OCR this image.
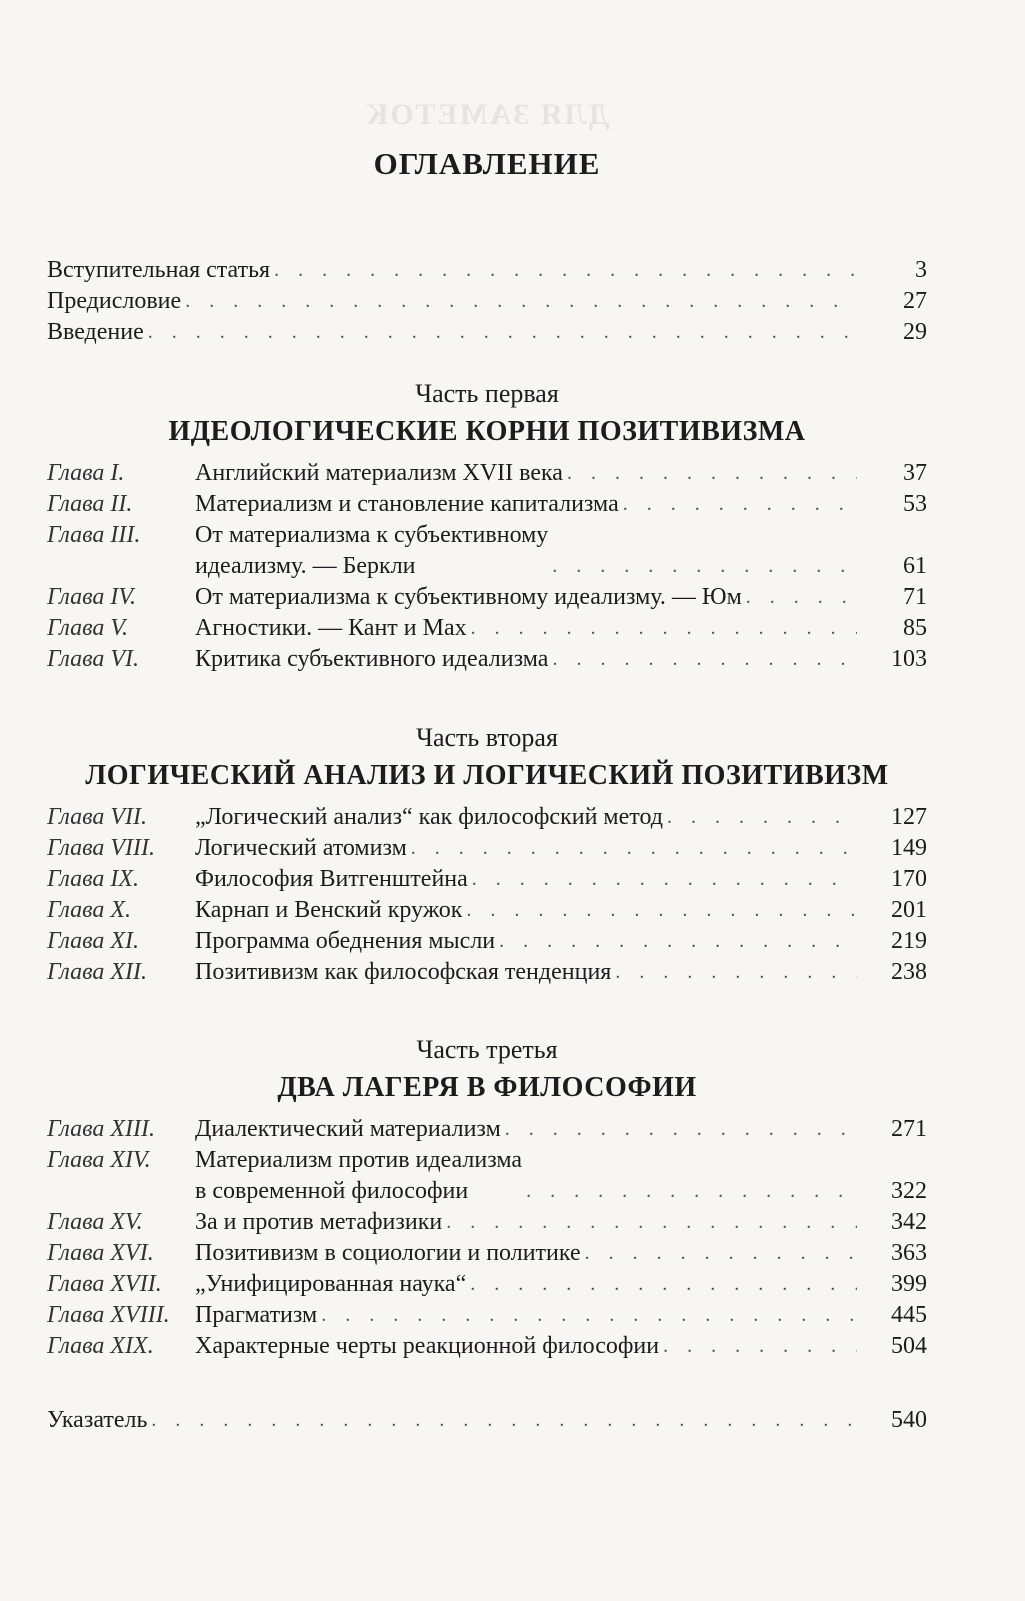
ДЛЯ ЗАМЕТОК
ОГЛАВЛЕНИЕ
Вступительная статья . . .	3
Предисловие . . .	27
Введение . . .	29
Часть первая
ИДЕОЛОГИЧЕСКИЕ КОРНИ ПОЗИТИВИЗМА
Глава I.	Английский материализм XVII века . . .	37
Глава II.	Материализм и становление капитализма . . .	53
Глава III.	От материализма к субъективному
идеализму. — Беркли . . .	61
Глава IV.	От материализма к субъективному идеализму. — Юм . . .	71
Глава V.	Агностики. — Кант и Мах . . .	85
Глава VI.	Критика субъективного идеализма . . .	103
Часть вторая
ЛОГИЧЕСКИЙ АНАЛИЗ И ЛОГИЧЕСКИЙ ПОЗИТИВИЗМ
Глава VII.	„Логический анализ“ как философский метод . . .	127
Глава VIII.	Логический атомизм . . .	149
Глава IX.	Философия Витгенштейна . . .	170
Глава X.	Карнап и Венский кружок . . .	201
Глава XI.	Программа обеднения мысли . . .	219
Глава XII.	Позитивизм как философская тенденция . . .	238
Часть третья
ДВА ЛАГЕРЯ В ФИЛОСОФИИ
Глава XIII.	Диалектический материализм . . .	271
Глава XIV.	Материализм против идеализма
в современной философии . . .	322
Глава XV.	За и против метафизики . . .	342
Глава XVI.	Позитивизм в социологии и политике . . .	363
Глава XVII.	„Унифицированная наука“ . . .	399
Глава XVIII.	Прагматизм . . .	445
Глава XIX.	Характерные черты реакционной философии . . .	504
Указатель . . .	540
